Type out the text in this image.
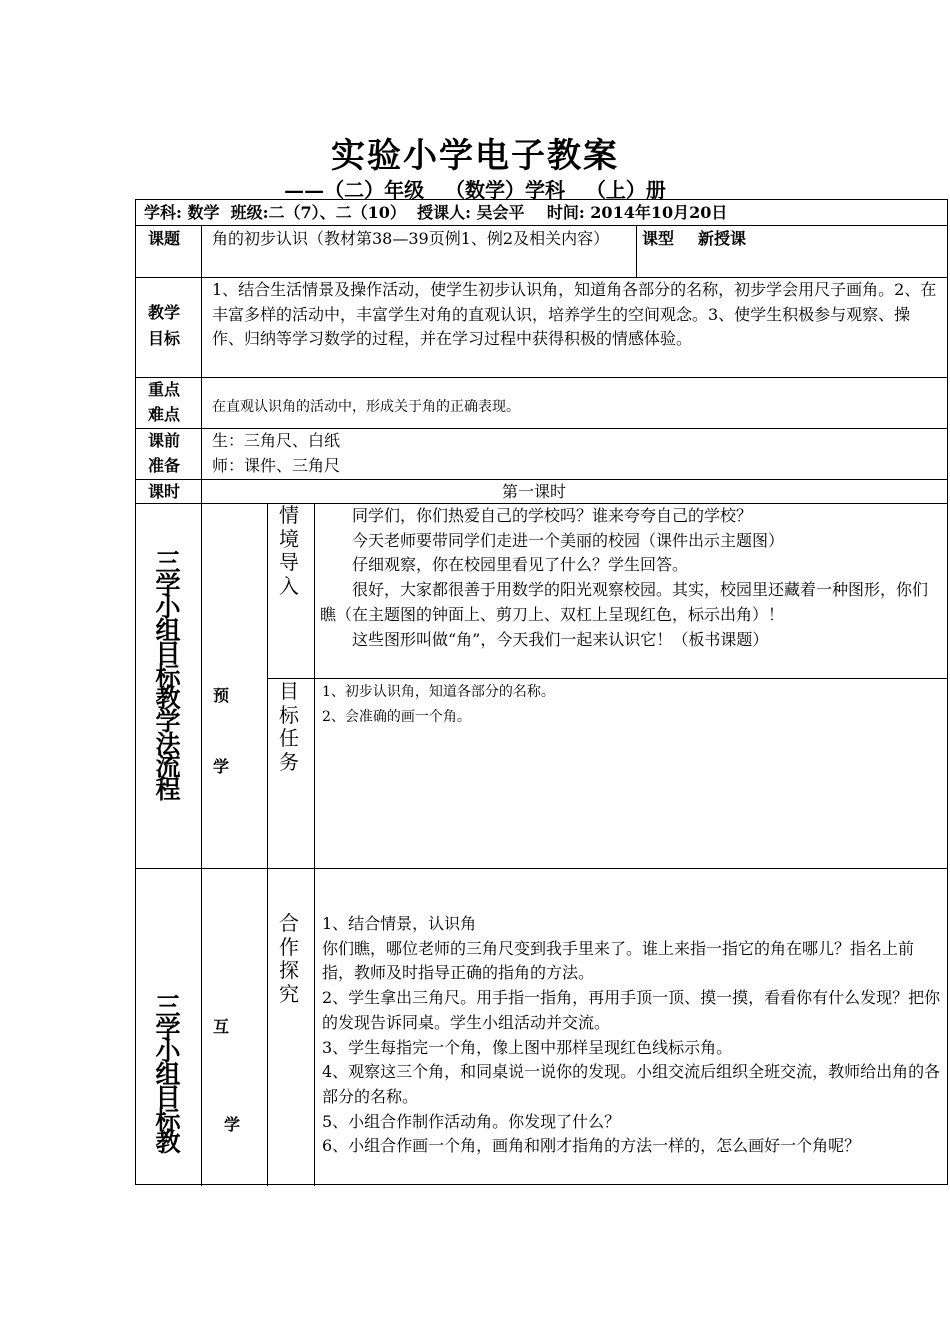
实验小学电子教案
——（二）年级   （数学）学科   （上）册
学科: 数学  班级:二（7）、二（10）  授课人: 吴会平    时间: 2014年10月20日
课题 角的初步认识（教材第38—39页例1、例2及相关内容）	课型 新授课
教学
目标
1、结合生活情景及操作活动，使学生初步认识角，知道角各部分的名称，初步学会用尺子画角。2、在丰富多样的活动中，丰富学生对角的直观认识，培养学生的空间观念。3、使学生积极参与观察、操作、归纳等学习数学的过程，并在学习过程中获得积极的情感体验。
重点
难点 在直观认识角的活动中，形成关于角的正确表现。
课前
准备
生：三角尺、白纸
师：课件、三角尺
课时	第一课时
三学小组目标教学法流程
预
学
情
境
导
入

同学们，你们热爱自己的学校吗？谁来夸夸自己的学校？

今天老师要带同学们走进一个美丽的校园（课件出示主题图）

仔细观察，你在校园里看见了什么？学生回答。

很好，大家都很善于用数学的阳光观察校园。其实，校园里还藏着一种图形，你们瞧（在主题图的钟面上、剪刀上、双杠上呈现红色，标示出角）！

这些图形叫做“角”，今天我们一起来认识它！（板书课题）

目
标
任
务

1、初步认识角，知道各部分的名称。

2、会准确的画一个角。

三学小组目标教
互
学
合
作
探
究

1、结合情景，认识角

你们瞧，哪位老师的三角尺变到我手里来了。谁上来指一指它的角在哪儿？指名上前指，教师及时指导正确的指角的方法。

2、学生拿出三角尺。用手指一指角，再用手顶一顶、摸一摸，看看你有什么发现？把你的发现告诉同桌。学生小组活动并交流。

3、学生每指完一个角，像上图中那样呈现红色线标示角。

4、观察这三个角，和同桌说一说你的发现。小组交流后组织全班交流，教师给出角的各部分的名称。

5、小组合作制作活动角。你发现了什么？

6、小组合作画一个角，画角和刚才指角的方法一样的，怎么画好一个角呢？
